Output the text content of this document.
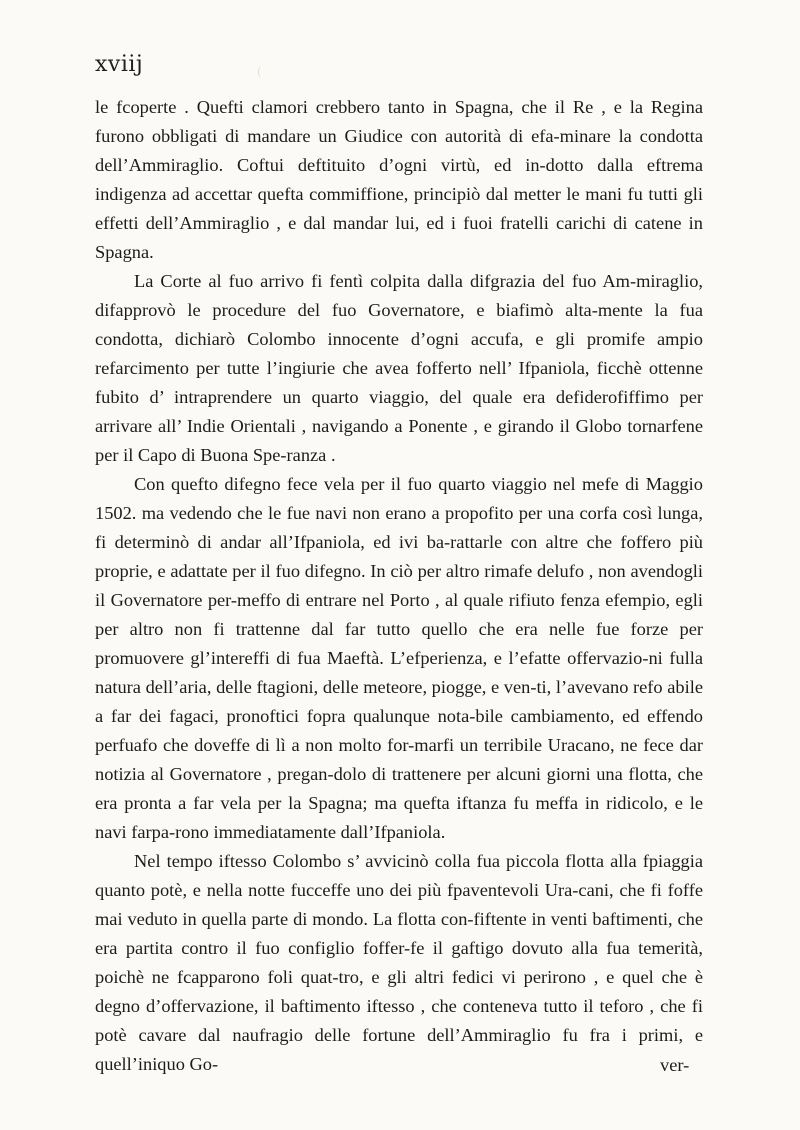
xviij

le fcoperte . Quefti clamori crebbero tanto in Spagna, che il Re , e la Regina furono obbligati di mandare un Giudice con autorità di efa-minare la condotta dell’Ammiraglio. Coftui deftituito d’ogni virtù, ed in-dotto dalla eftrema indigenza ad accettar quefta commiffione, principiò dal metter le mani fu tutti gli effetti dell’Ammiraglio , e dal mandar lui, ed i fuoi fratelli carichi di catene in Spagna.

La Corte al fuo arrivo fi fentì colpita dalla difgrazia del fuo Am-miraglio, difapprovò le procedure del fuo Governatore, e biafimò alta-mente la fua condotta, dichiarò Colombo innocente d’ogni accufa, e gli promife ampio refarcimento per tutte l’ingiurie che avea fofferto nell’ Ifpaniola, ficchè ottenne fubito d’ intraprendere un quarto viaggio, del quale era defiderofiffimo per arrivare all’ Indie Orientali , navigando a Ponente , e girando il Globo tornarfene per il Capo di Buona Spe-ranza .

Con quefto difegno fece vela per il fuo quarto viaggio nel mefe di Maggio 1502. ma vedendo che le fue navi non erano a propofito per una corfa così lunga, fi determinò di andar all’Ifpaniola, ed ivi ba-rattarle con altre che foffero più proprie, e adattate per il fuo difegno. In ciò per altro rimafe delufo , non avendogli il Governatore per-meffo di entrare nel Porto , al quale rifiuto fenza efempio, egli per altro non fi trattenne dal far tutto quello che era nelle fue forze per promuovere gl’intereffi di fua Maeftà. L’efperienza, e l’efatte offervazio-ni fulla natura dell’aria, delle ftagioni, delle meteore, piogge, e ven-ti, l’avevano refo abile a far dei fagaci, pronoftici fopra qualunque nota-bile cambiamento, ed effendo perfuafo che doveffe di lì a non molto for-marfi un terribile Uracano, ne fece dar notizia al Governatore , pregan-dolo di trattenere per alcuni giorni una flotta, che era pronta a far vela per la Spagna; ma quefta iftanza fu meffa in ridicolo, e le navi farpa-rono immediatamente dall’Ifpaniola.

Nel tempo iftesso Colombo s’ avvicinò colla fua piccola flotta alla fpiaggia quanto potè, e nella notte fucceffe uno dei più fpaventevoli Ura-cani, che fi foffe mai veduto in quella parte di mondo. La flotta con-fiftente in venti baftimenti, che era partita contro il fuo configlio foffer-fe il gaftigo dovuto alla fua temerità, poichè ne fcapparono foli quat-tro, e gli altri fedici vi perirono , e quel che è degno d’offervazione, il baftimento iftesso , che conteneva tutto il teforo , che fi potè cavare dal naufragio delle fortune dell’Ammiraglio fu fra i primi, e quell’iniquo Go-	ver-
